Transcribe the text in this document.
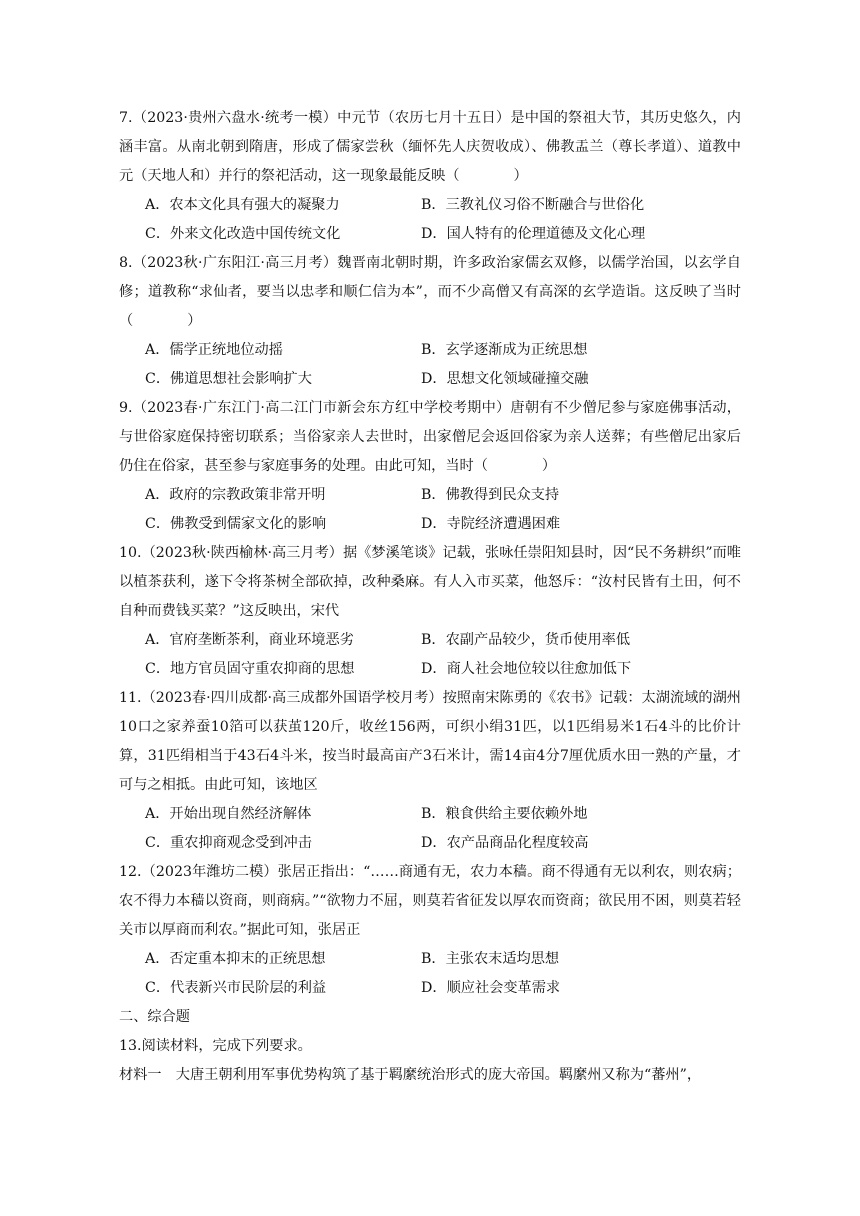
7.（2023·贵州六盘水·统考一模）中元节（农历七月十五日）是中国的祭祖大节，其历史悠久，内涵丰富。从南北朝到隋唐，形成了儒家尝秋（缅怀先人庆贺收成）、佛教盂兰（尊长孝道）、道教中元（天地人和）并行的祭祀活动，这一现象最能反映（	）

A．农本文化具有强大的凝聚力	B．三教礼仪习俗不断融合与世俗化
C．外来文化改造中国传统文化	D．国人特有的伦理道德及文化心理

8.（2023秋·广东阳江·高三月考）魏晋南北朝时期，许多政治家儒玄双修，以儒学治国，以玄学自修；道教称“求仙者，要当以忠孝和顺仁信为本”，而不少高僧又有高深的玄学造诣。这反映了当时（	）

A．儒学正统地位动摇	B．玄学逐渐成为正统思想
C．佛道思想社会影响扩大	D．思想文化领域碰撞交融

9.（2023春·广东江门·高二江门市新会东方红中学校考期中）唐朝有不少僧尼参与家庭佛事活动，与世俗家庭保持密切联系；当俗家亲人去世时，出家僧尼会返回俗家为亲人送葬；有些僧尼出家后仍住在俗家，甚至参与家庭事务的处理。由此可知，当时（	）

A．政府的宗教政策非常开明	B．佛教得到民众支持
C．佛教受到儒家文化的影响	D．寺院经济遭遇困难

10.（2023秋·陕西榆林·高三月考）据《梦溪笔谈》记载，张咏任崇阳知县时，因“民不务耕织”而唯以植茶获利，遂下令将茶树全部砍掉，改种桑麻。有人入市买菜，他怒斥：“汝村民皆有土田，何不自种而费钱买菜？”这反映出，宋代

A．官府垄断茶利，商业环境恶劣	B．农副产品较少，货币使用率低
C．地方官员固守重农抑商的思想	D．商人社会地位较以往愈加低下

11.（2023春·四川成都·高三成都外国语学校月考）按照南宋陈勇的《农书》记载：太湖流域的湖州10口之家养蚕10箔可以获茧120斤，收丝156两，可织小绢31匹，以1匹绢易米1石4斗的比价计算，31匹绢相当于43石4斗米，按当时最高亩产3石米计，需14亩4分7厘优质水田一熟的产量，才可与之相抵。由此可知，该地区

A．开始出现自然经济解体	B．粮食供给主要依赖外地
C．重农抑商观念受到冲击	D．农产品商品化程度较高

12.（2023年潍坊二模）张居正指出：“……商通有无，农力本穑。商不得通有无以利农，则农病；农不得力本穑以资商，则商病。”“欲物力不屈，则莫若省征发以厚农而资商；欲民用不困，则莫若轻关市以厚商而利农。”据此可知，张居正

A．否定重本抑末的正统思想	B．主张农末适均思想
C．代表新兴市民阶层的利益	D．顺应社会变革需求

二、综合题

13.阅读材料，完成下列要求。

材料一　大唐王朝利用军事优势构筑了基于羁縻统治形式的庞大帝国。羁縻州又称为“蕃州”，
